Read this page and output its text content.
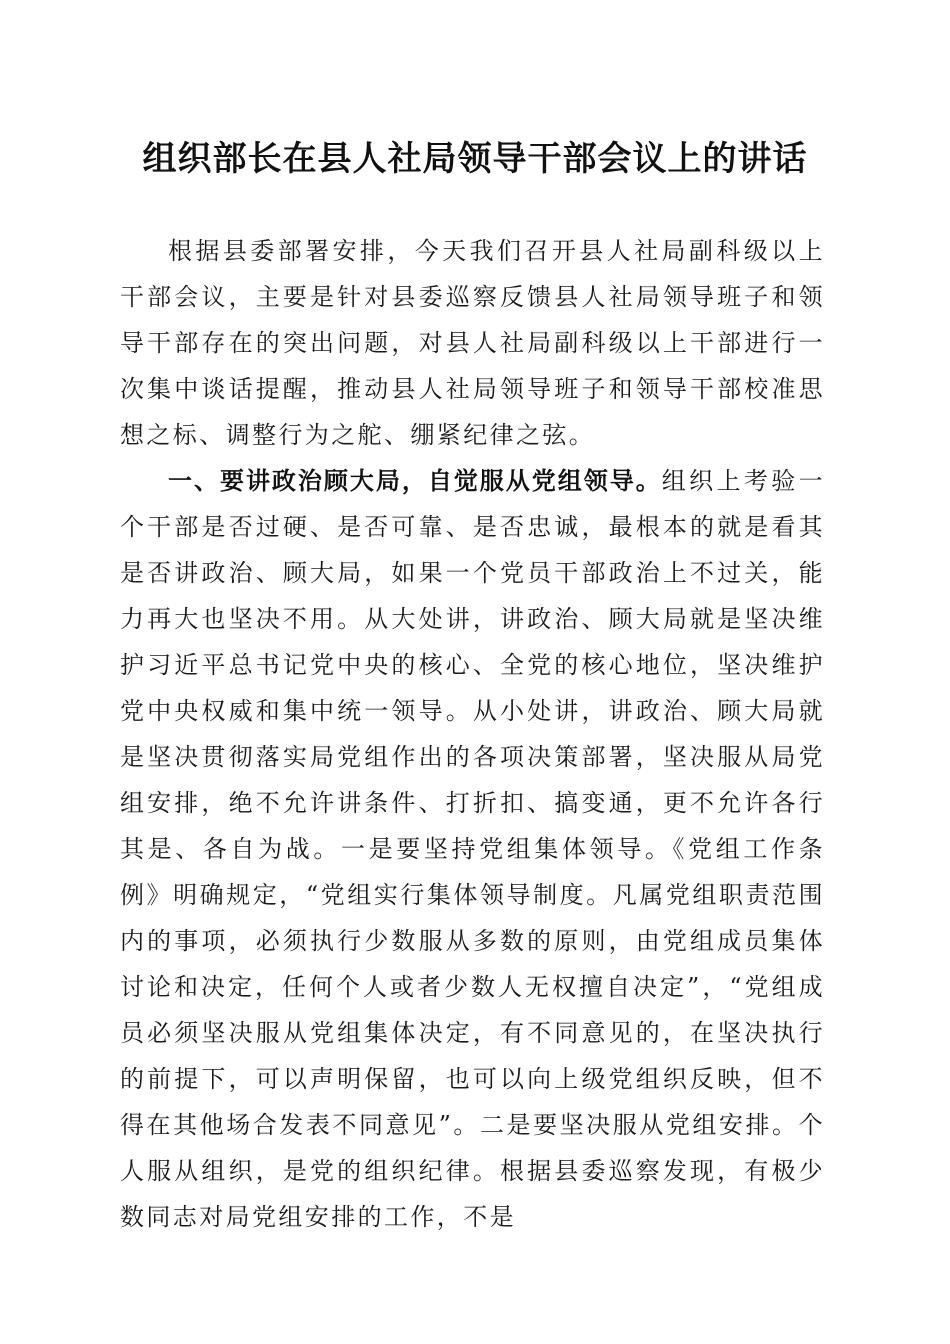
组织部长在县人社局领导干部会议上的讲话

根据县委部署安排，今天我们召开县人社局副科级以上干部会议，主要是针对县委巡察反馈县人社局领导班子和领导干部存在的突出问题，对县人社局副科级以上干部进行一次集中谈话提醒，推动县人社局领导班子和领导干部校准思想之标、调整行为之舵、绷紧纪律之弦。

一、要讲政治顾大局，自觉服从党组领导。组织上考验一个干部是否过硬、是否可靠、是否忠诚，最根本的就是看其是否讲政治、顾大局，如果一个党员干部政治上不过关，能力再大也坚决不用。从大处讲，讲政治、顾大局就是坚决维护习近平总书记党中央的核心、全党的核心地位，坚决维护党中央权威和集中统一领导。从小处讲，讲政治、顾大局就是坚决贯彻落实局党组作出的各项决策部署，坚决服从局党组安排，绝不允许讲条件、打折扣、搞变通，更不允许各行其是、各自为战。一是要坚持党组集体领导。《党组工作条例》明确规定，“党组实行集体领导制度。凡属党组职责范围内的事项，必须执行少数服从多数的原则，由党组成员集体讨论和决定，任何个人或者少数人无权擅自决定”，“党组成员必须坚决服从党组集体决定，有不同意见的，在坚决执行的前提下，可以声明保留，也可以向上级党组织反映，但不得在其他场合发表不同意见”。二是要坚决服从党组安排。个人服从组织，是党的组织纪律。根据县委巡察发现，有极少数同志对局党组安排的工作，不是
